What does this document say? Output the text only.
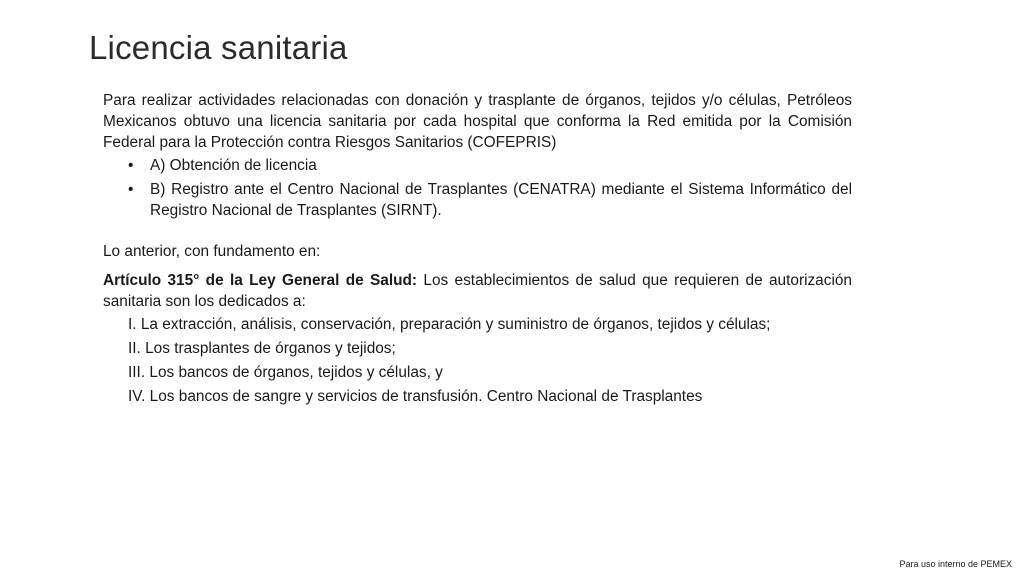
Licencia sanitaria

Para realizar actividades relacionadas con donación y trasplante de órganos, tejidos y/o células, Petróleos Mexicanos obtuvo una licencia sanitaria por cada hospital que conforma la Red emitida por la Comisión Federal para la Protección contra Riesgos Sanitarios (COFEPRIS)

• A) Obtención de licencia
• B) Registro ante el Centro Nacional de Trasplantes (CENATRA) mediante el Sistema Informático del Registro Nacional de Trasplantes (SIRNT).

Lo anterior, con fundamento en:

Artículo 315° de la Ley General de Salud: Los establecimientos de salud que requieren de autorización sanitaria son los dedicados a:

I. La extracción, análisis, conservación, preparación y suministro de órganos, tejidos y células;
II. Los trasplantes de órganos y tejidos;
III. Los bancos de órganos, tejidos y células, y
IV. Los bancos de sangre y servicios de transfusión. Centro Nacional de Trasplantes
Para uso interno de PEMEX
